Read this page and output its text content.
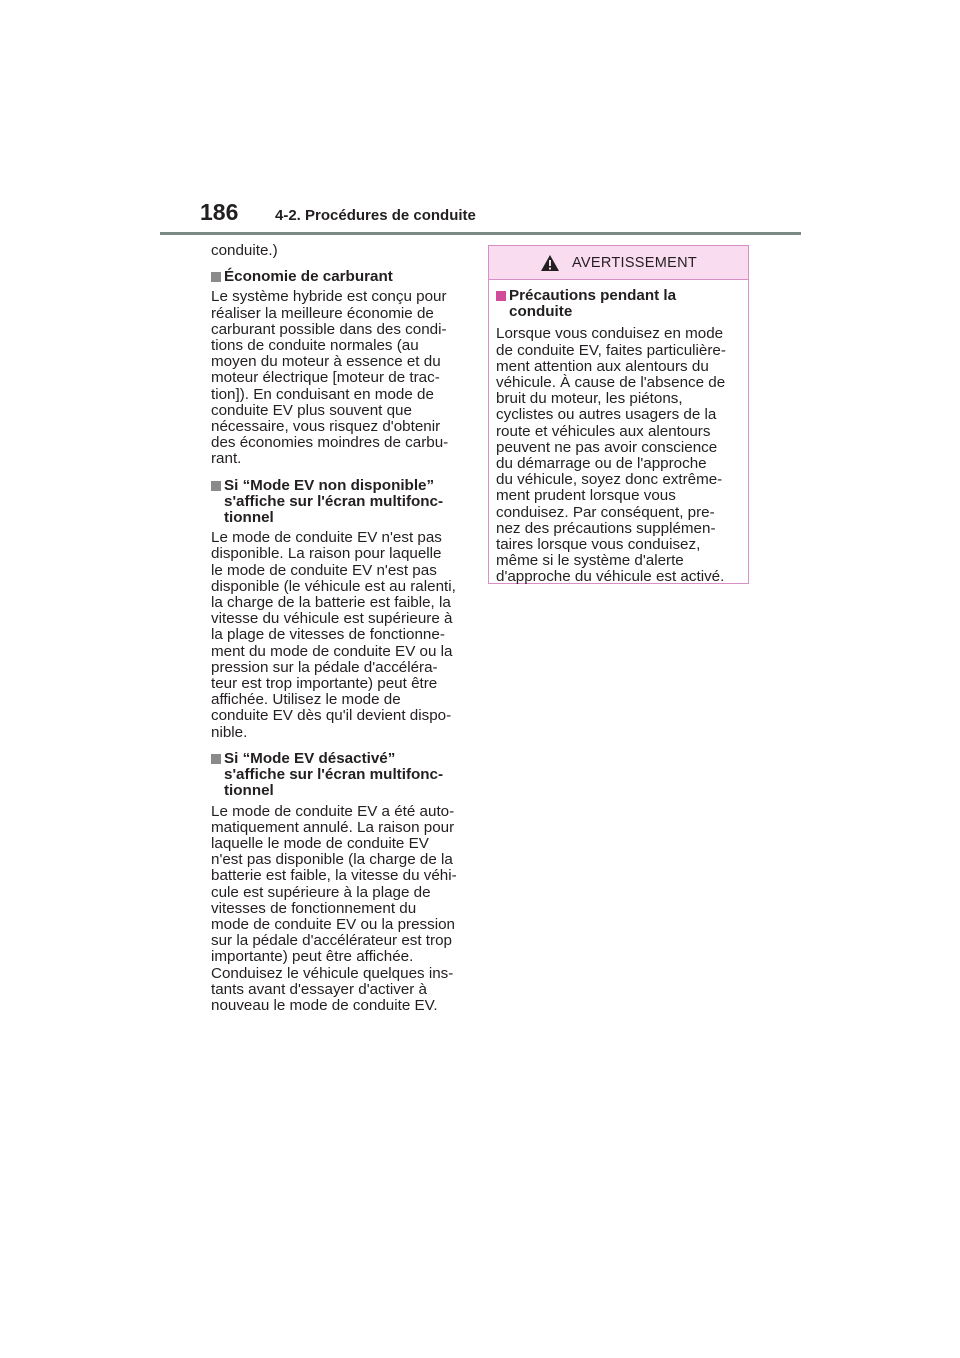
186 4-2. Procédures de conduite
conduite.)
Économie de carburant
Le système hybride est conçu pour
réaliser la meilleure économie de
carburant possible dans des condi-
tions de conduite normales (au
moyen du moteur à essence et du
moteur électrique [moteur de trac-
tion]). En conduisant en mode de
conduite EV plus souvent que
nécessaire, vous risquez d'obtenir
des économies moindres de carbu-
rant.
Si “Mode EV non disponible”
s'affiche sur l'écran multifonc-
tionnel
Le mode de conduite EV n'est pas
disponible. La raison pour laquelle
le mode de conduite EV n'est pas
disponible (le véhicule est au ralenti,
la charge de la batterie est faible, la
vitesse du véhicule est supérieure à
la plage de vitesses de fonctionne-
ment du mode de conduite EV ou la
pression sur la pédale d'accéléra-
teur est trop importante) peut être
affichée. Utilisez le mode de
conduite EV dès qu'il devient dispo-
nible.
Si “Mode EV désactivé”
s'affiche sur l'écran multifonc-
tionnel
Le mode de conduite EV a été auto-
matiquement annulé. La raison pour
laquelle le mode de conduite EV
n'est pas disponible (la charge de la
batterie est faible, la vitesse du véhi-
cule est supérieure à la plage de
vitesses de fonctionnement du
mode de conduite EV ou la pression
sur la pédale d'accélérateur est trop
importante) peut être affichée.
Conduisez le véhicule quelques ins-
tants avant d'essayer d'activer à
nouveau le mode de conduite EV.
AVERTISSEMENT
Précautions pendant la
conduite
Lorsque vous conduisez en mode
de conduite EV, faites particulière-
ment attention aux alentours du
véhicule. À cause de l'absence de
bruit du moteur, les piétons,
cyclistes ou autres usagers de la
route et véhicules aux alentours
peuvent ne pas avoir conscience
du démarrage ou de l'approche
du véhicule, soyez donc extrême-
ment prudent lorsque vous
conduisez. Par conséquent, pre-
nez des précautions supplémen-
taires lorsque vous conduisez,
même si le système d'alerte
d'approche du véhicule est activé.
